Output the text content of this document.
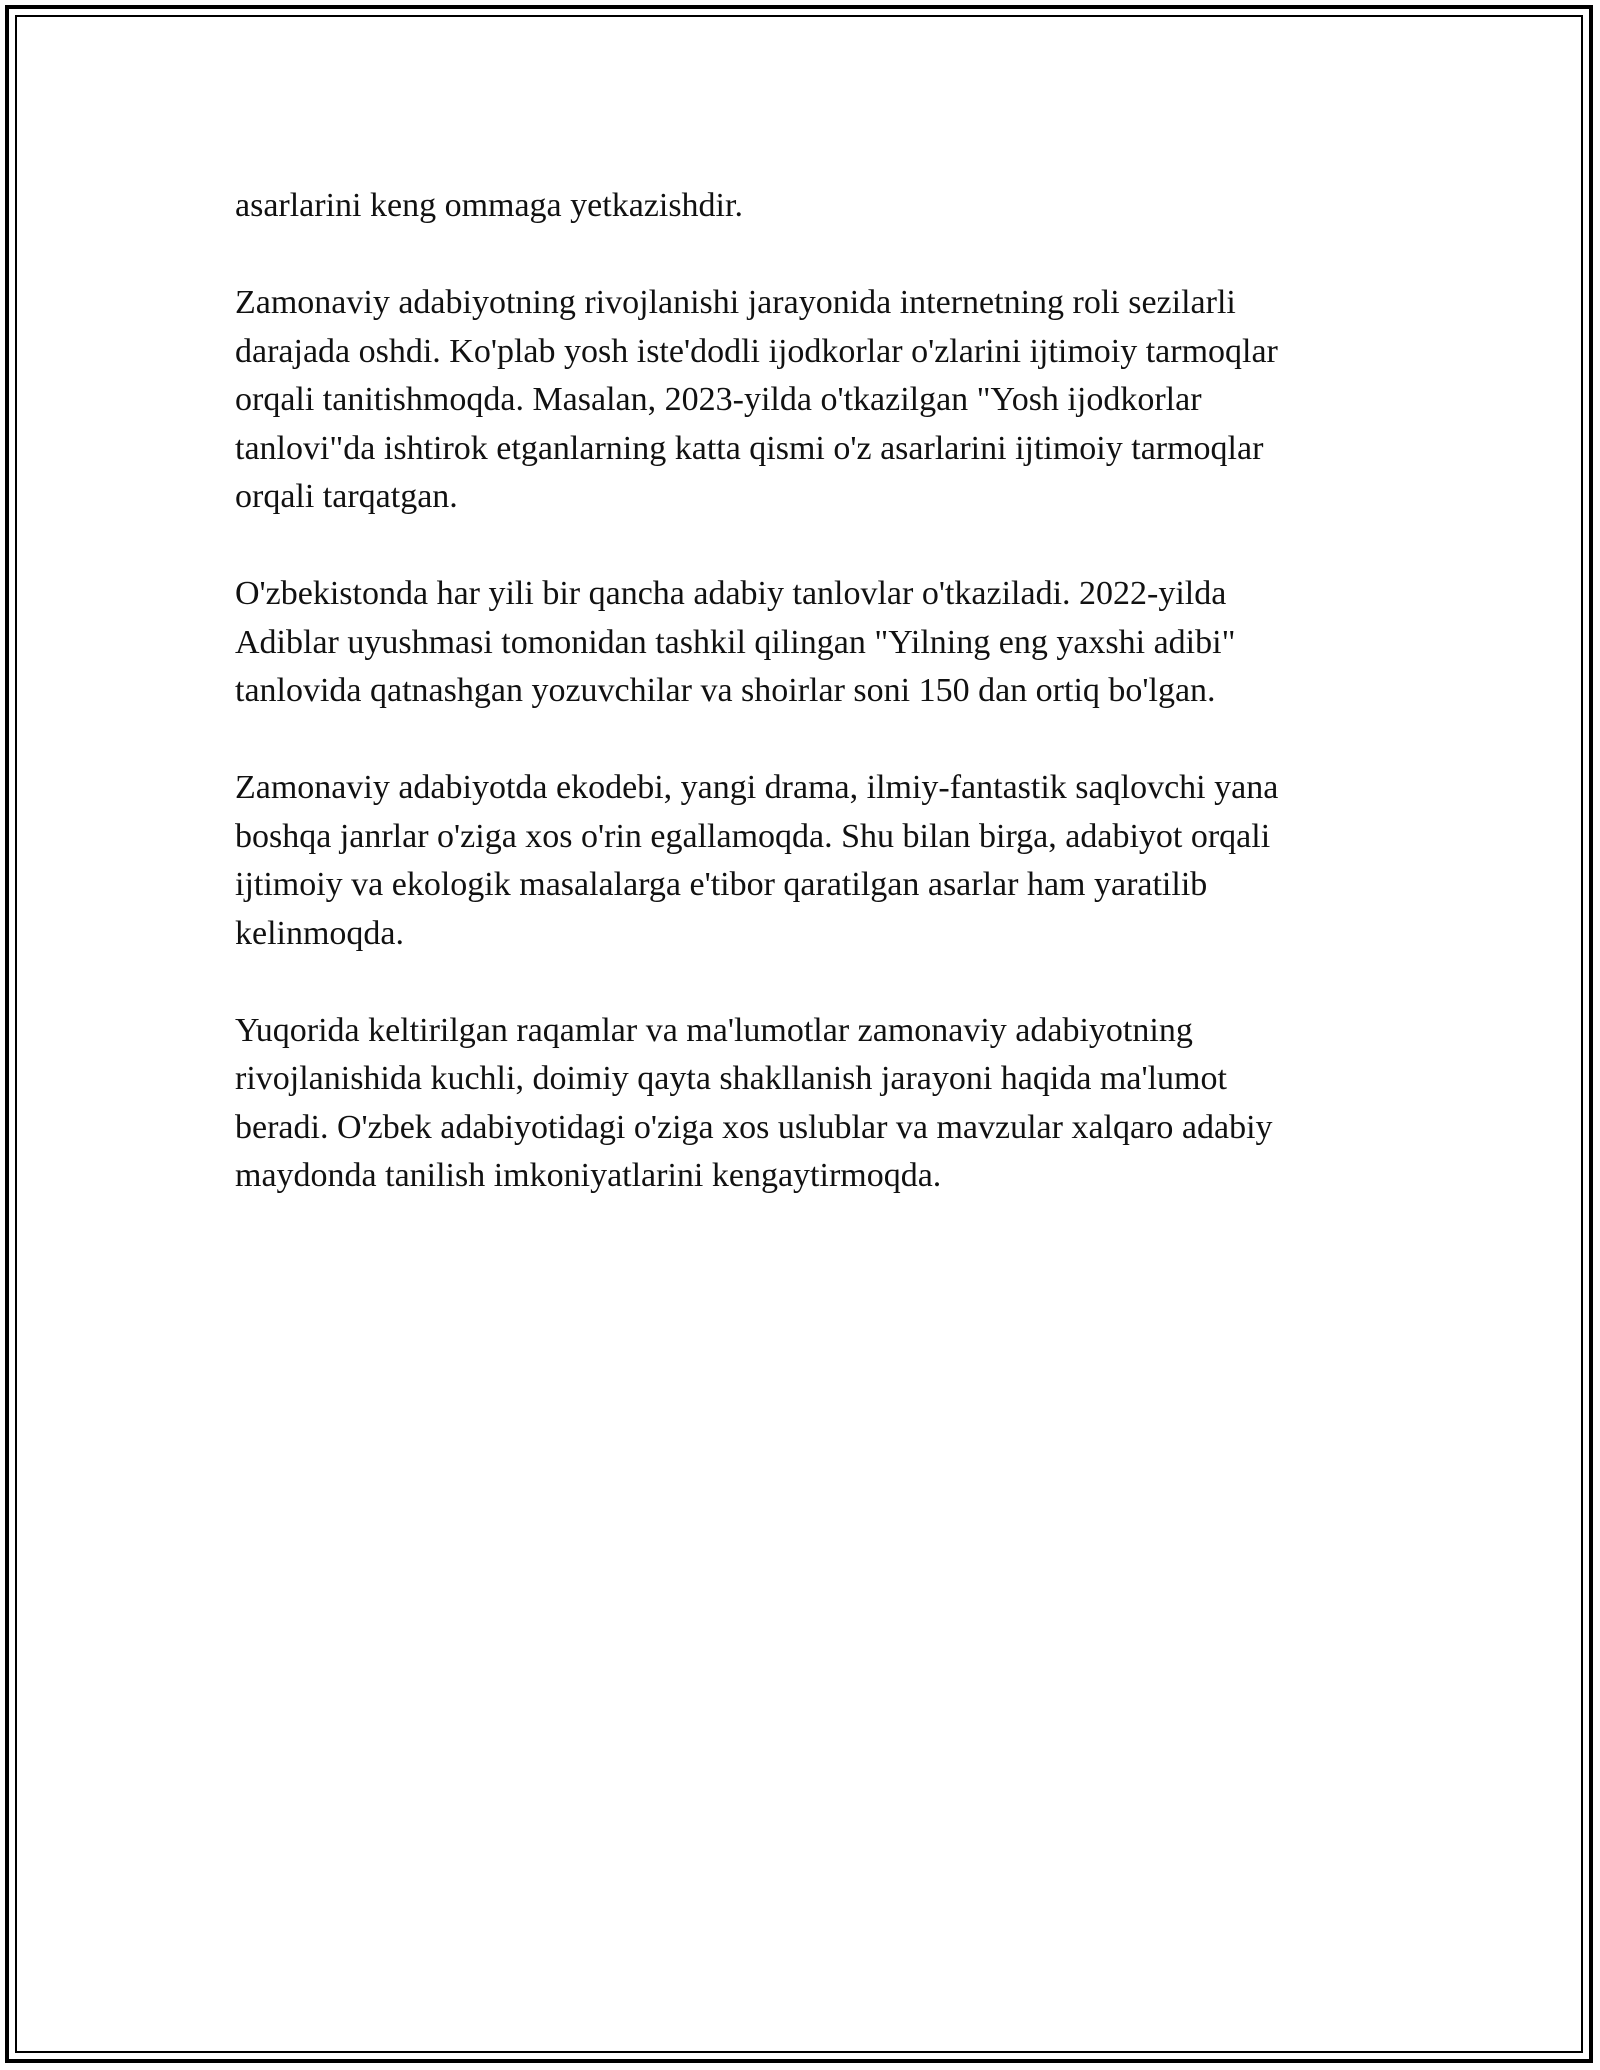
asarlarini keng ommaga yetkazishdir.

Zamonaviy adabiyotning rivojlanishi jarayonida internetning roli sezilarli
darajada oshdi. Ko'plab yosh iste'dodli ijodkorlar o'zlarini ijtimoiy tarmoqlar
orqali tanitishmoqda. Masalan, 2023-yilda o'tkazilgan "Yosh ijodkorlar
tanlovi"da ishtirok etganlarning katta qismi o'z asarlarini ijtimoiy tarmoqlar
orqali tarqatgan.

O'zbekistonda har yili bir qancha adabiy tanlovlar o'tkaziladi. 2022-yilda
Adiblar uyushmasi tomonidan tashkil qilingan "Yilning eng yaxshi adibi"
tanlovida qatnashgan yozuvchilar va shoirlar soni 150 dan ortiq bo'lgan.

Zamonaviy adabiyotda ekodebi, yangi drama, ilmiy-fantastik saqlovchi yana
boshqa janrlar o'ziga xos o'rin egallamoqda. Shu bilan birga, adabiyot orqali
ijtimoiy va ekologik masalalarga e'tibor qaratilgan asarlar ham yaratilib
kelinmoqda.

Yuqorida keltirilgan raqamlar va ma'lumotlar zamonaviy adabiyotning
rivojlanishida kuchli, doimiy qayta shakllanish jarayoni haqida ma'lumot
beradi. O'zbek adabiyotidagi o'ziga xos uslublar va mavzular xalqaro adabiy
maydonda tanilish imkoniyatlarini kengaytirmoqda.
